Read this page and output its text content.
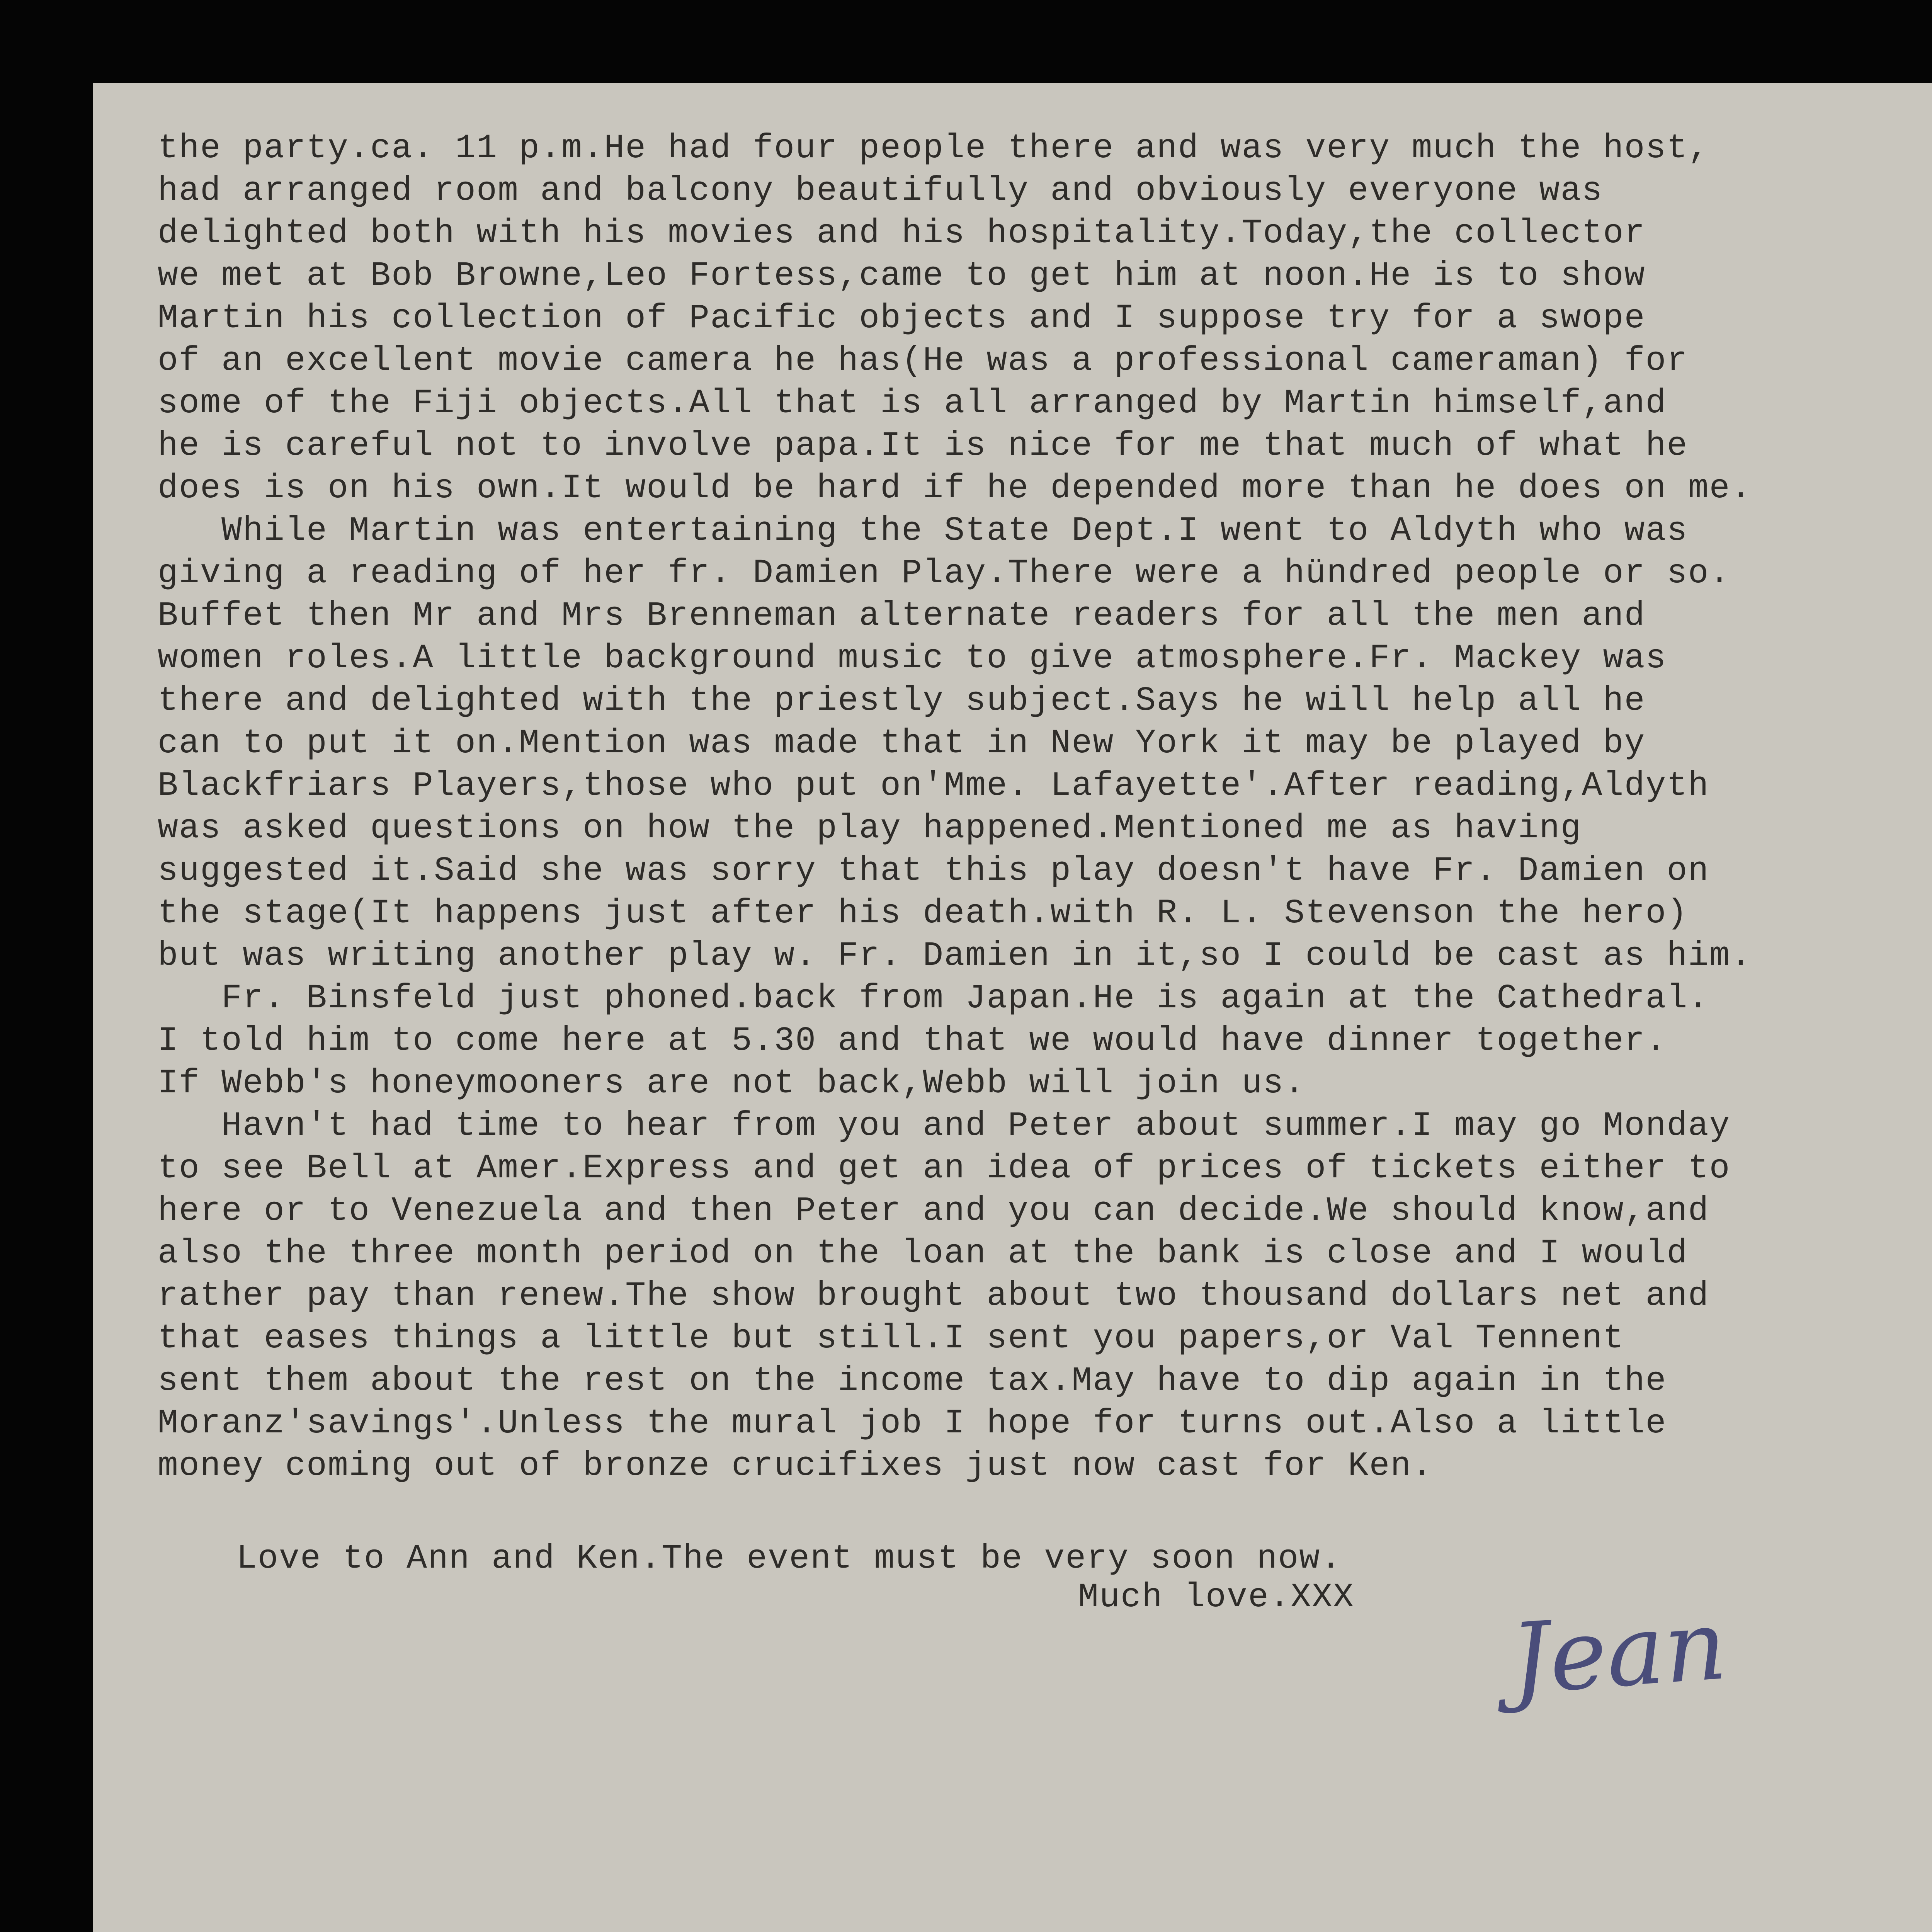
the party.ca. 11 p.m.He had four people there and was very much the host,

had arranged room and balcony beautifully and obviously everyone was

delighted both with his movies and his hospitality.Today,the collector

we met at Bob Browne,Leo Fortess,came to get him at noon.He is to show

Martin his collection of Pacific objects and I suppose try for a swope

of an excellent movie camera he has(He was a professional cameraman) for

some of the Fiji objects.All that is all arranged by Martin himself,and

he is careful not to involve papa.It is nice for me that much of what he

does is on his own.It would be hard if he depended more than he does on me.

While Martin was entertaining the State Dept.I went to Aldyth who was

giving a reading of her fr. Damien Play.There were a hündred people or so.

Buffet then Mr and Mrs Brenneman alternate readers for all the men and

women roles.A little background music to give atmosphere.Fr. Mackey was

there and delighted with the priestly subject.Says he will help all he

can to put it on.Mention was made that in New York it may be played by

Blackfriars Players,those who put on'Mme. Lafayette'.After reading,Aldyth

was asked questions on how the play happened.Mentioned me as having

suggested it.Said she was sorry that this play doesn't have Fr. Damien on

the stage(It happens just after his death.with R. L. Stevenson the hero)

but was writing another play w. Fr. Damien in it,so I could be cast as him.

Fr. Binsfeld just phoned.back from Japan.He is again at the Cathedral.

I told him to come here at 5.30 and that we would have dinner together.

If Webb's honeymooners are not back,Webb will join us.

Havn't had time to hear from you and Peter about summer.I may go Monday

to see Bell at Amer.Express and get an idea of prices of tickets either to

here or to Venezuela and then Peter and you can decide.We should know,and

also the three month period on the loan at the bank is close and I would

rather pay than renew.The show brought about two thousand dollars net and

that eases things a little but still.I sent you papers,or Val Tennent

sent them about the rest on the income tax.May have to dip again in the

Moranz'savings'.Unless the mural job I hope for turns out.Also a little

money coming out of bronze crucifixes just now cast for Ken.

Love to Ann and Ken.The event must be very soon now.
Much love.XXX Jean
